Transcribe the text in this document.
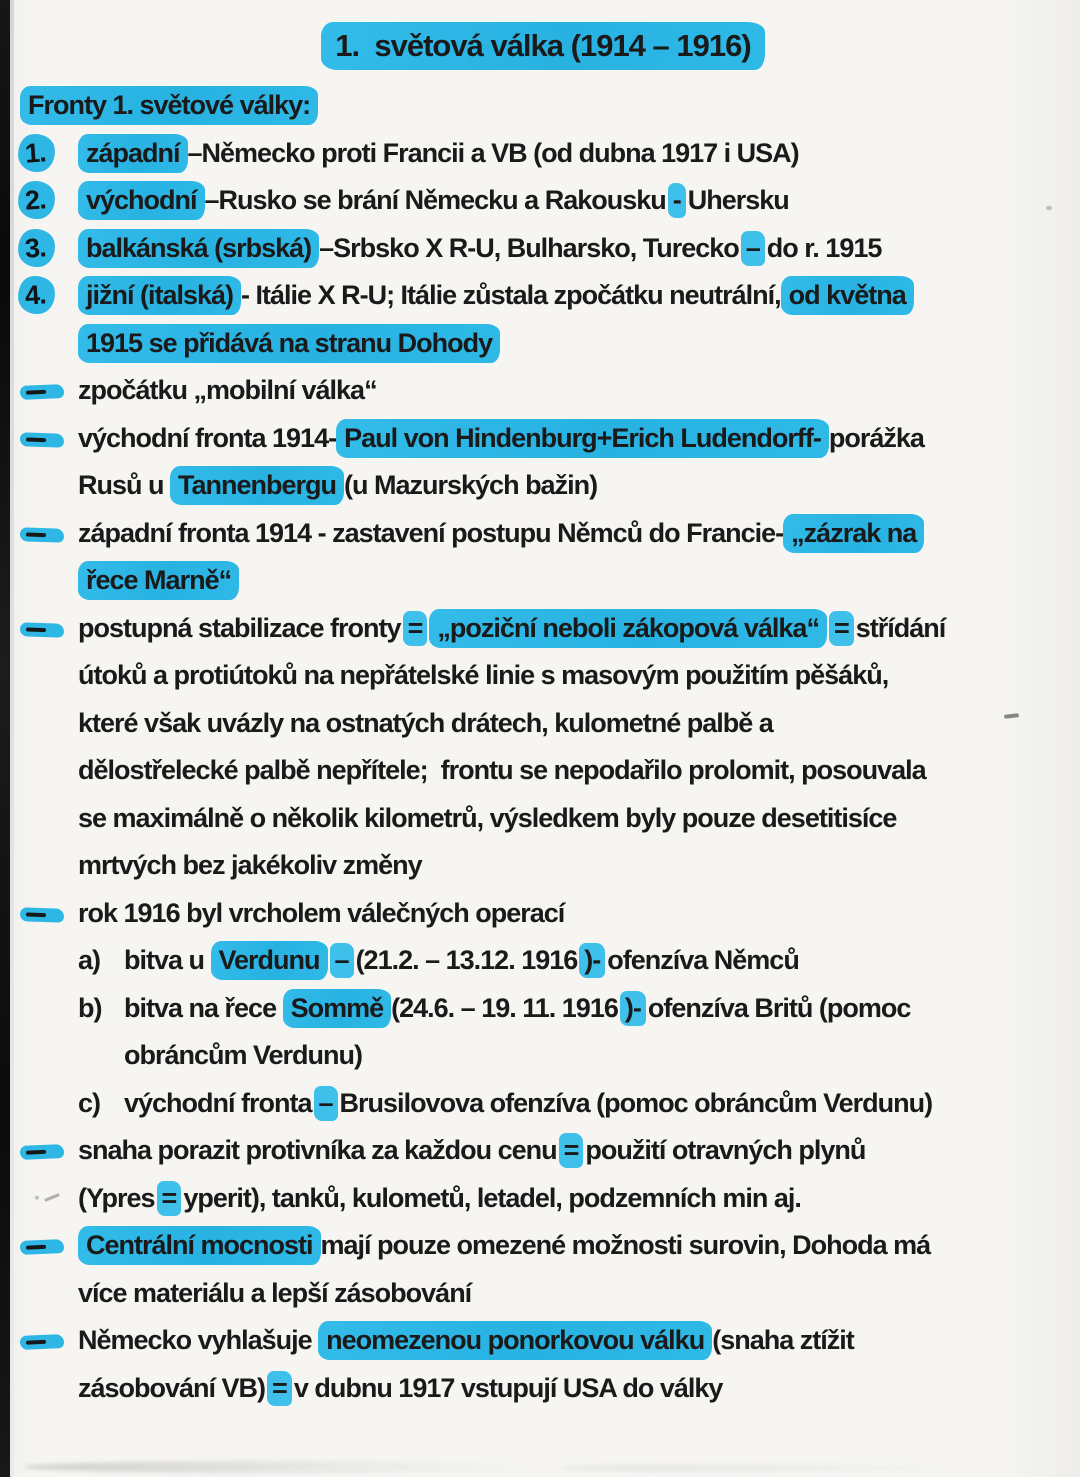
1.  světová válka (1914 – 1916)
Fronty 1. světové války:
1.	západní –Německo proti Francii a VB (od dubna 1917 i USA)
2.	východní –Rusko se brání Německu a Rakousku - Uhersku
3.	balkánská (srbská) –Srbsko X R-U, Bulharsko, Turecko – do r. 1915
4.	jižní (italská) - Itálie X R-U; Itálie zůstala zpočátku neutrální, od května
1915 se přidává na stranu Dohody
zpočátku „mobilní válka“
východní fronta 1914- Paul von Hindenburg+Erich Ludendorff- porážka
Rusů u Tannenbergu (u Mazurských bažin)
západní fronta 1914 - zastavení postupu Němců do Francie- „zázrak na
řece Marně“
postupná stabilizace fronty = „poziční neboli zákopová válka“ = střídání
útoků a protiútoků na nepřátelské linie s masovým použitím pěšáků,
které však uvázly na ostnatých drátech, kulometné palbě a
dělostřelecké palbě nepřítele;  frontu se nepodařilo prolomit, posouvala
se maximálně o několik kilometrů, výsledkem byly pouze desetitisíce
mrtvých bez jakékoliv změny
rok 1916 byl vrcholem válečných operací
a) bitva u Verdunu – (21.2. – 13.12. 1916 )- ofenzíva Němců
b) bitva na řece Sommě (24.6. – 19. 11. 1916 )- ofenzíva Britů (pomoc
obráncům Verdunu)
c) východní fronta – Brusilovova ofenzíva (pomoc obráncům Verdunu)
snaha porazit protivníka za každou cenu = použití otravných plynů
(Ypres = yperit), tanků, kulometů, letadel, podzemních min aj.
Centrální mocnosti mají pouze omezené možnosti surovin, Dohoda má
více materiálu a lepší zásobování
Německo vyhlašuje neomezenou ponorkovou válku (snaha ztížit
zásobování VB) = v dubnu 1917 vstupují USA do války
